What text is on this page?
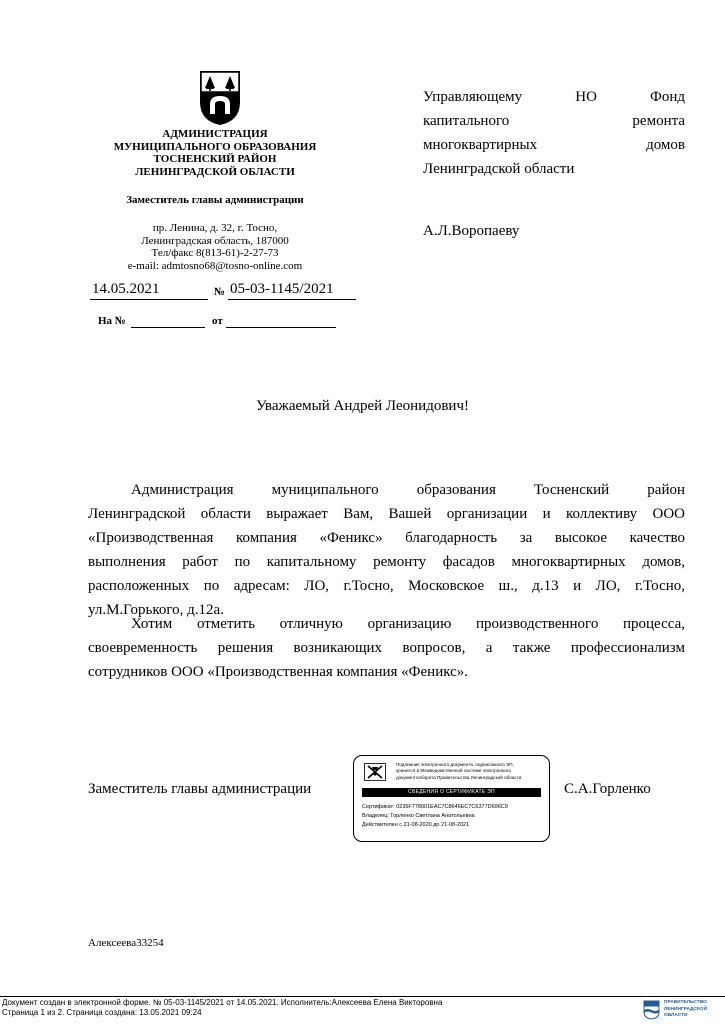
АДМИНИСТРАЦИЯ
МУНИЦИПАЛЬНОГО ОБРАЗОВАНИЯ
ТОСНЕНСКИЙ РАЙОН
ЛЕНИНГРАДСКОЙ ОБЛАСТИ
Заместитель главы администрации
пр. Ленина, д. 32, г. Тосно,
Ленинградская область, 187000
Тел/факс 8(813-61)-2-27-73
e-mail: admtosno68@tosno-online.com
14.05.2021	№ 05-03-1145/2021
На №	от
Управляющему НО Фонд
капитального ремонта
многоквартирных домов
Ленинградской области
А.Л.Воропаеву
Уважаемый Андрей Леонидович!
Администрация муниципального образования Тосненский район
Ленинградской области выражает Вам, Вашей организации и коллективу ООО
«Производственная компания «Феникс» благодарность за высокое качество
выполнения работ по капитальному ремонту фасадов многоквартирных домов,
расположенных по адресам: ЛО, г.Тосно, Московское ш., д.13 и ЛО, г.Тосно,
ул.М.Горького, д.12а.
Хотим отметить отличную организацию производственного процесса,
своевременность решения возникающих вопросов, а также профессионализм
сотрудников ООО «Производственная компания «Феникс».
Заместитель главы администрации	С.А.Горленко
Подлинник электронного документа, подписанного ЭП,
хранится в Межведомственной системе электронного
документооборота Правительства Ленинградской области
СВЕДЕНИЯ О СЕРТИФИКАТЕ ЭП
Сертификат: 0235F778001EAC7C8646EC7C6377D696C9
Владелец: Горленко Светлана Анатольевна
Действителен с 21-08-2020 до 21-08-2021
Алексеева33254
Документ создан в электронной форме. № 05-03-1145/2021 от 14.05.2021. Исполнитель:Алексеева Елена Викторовна
Страница 1 из 2. Страница создана: 13.05.2021 09:24
ПРАВИТЕЛЬСТВО
ЛЕНИНГРАДСКОЙ
ОБЛАСТИ
